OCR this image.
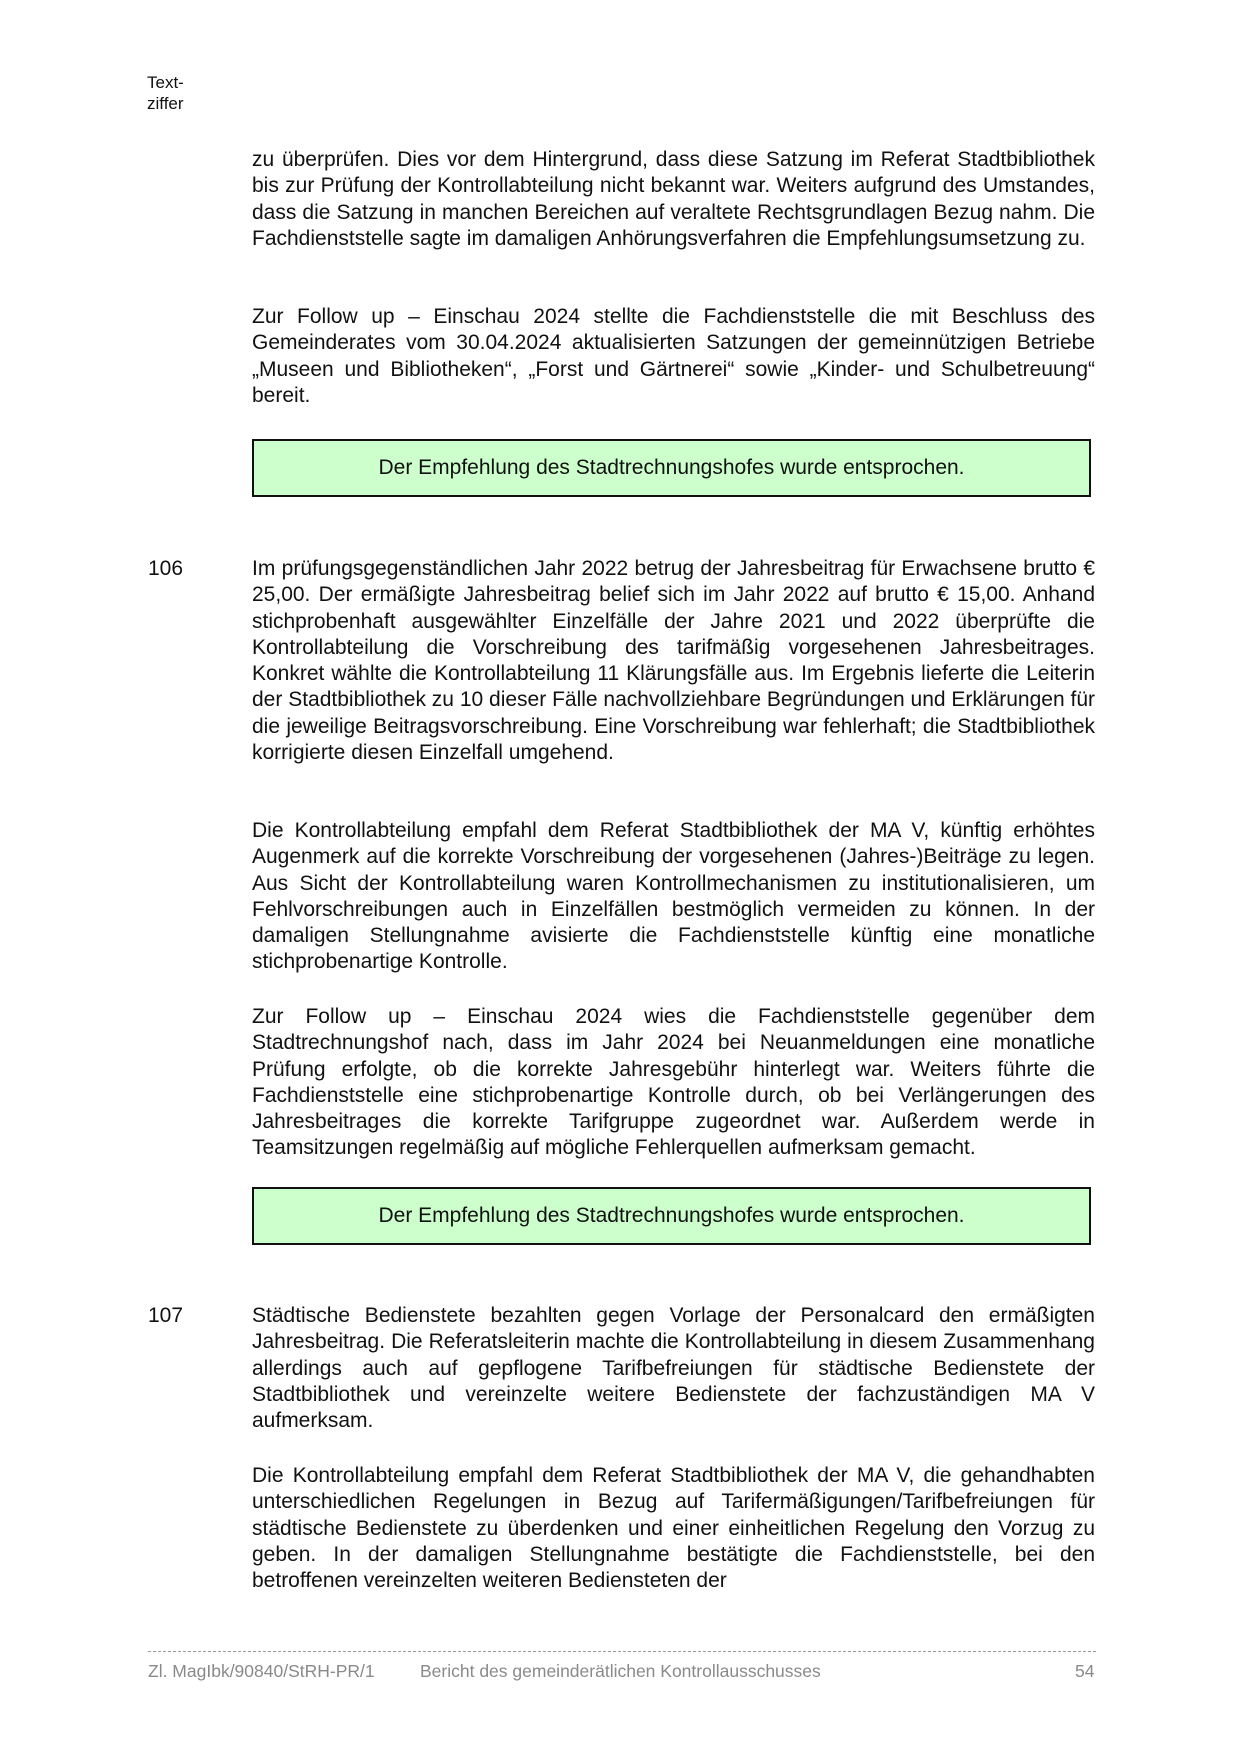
Text-
ziffer
zu überprüfen. Dies vor dem Hintergrund, dass diese Satzung im Referat Stadtbibliothek bis zur Prüfung der Kontrollabteilung nicht bekannt war. Weiters aufgrund des Umstandes, dass die Satzung in manchen Bereichen auf veraltete Rechtsgrundlagen Bezug nahm. Die Fachdienststelle sagte im damaligen Anhörungsverfahren die Empfehlungsumsetzung zu.
Zur Follow up – Einschau 2024 stellte die Fachdienststelle die mit Beschluss des Gemeinderates vom 30.04.2024 aktualisierten Satzungen der gemeinnützigen Betriebe „Museen und Bibliotheken“, „Forst und Gärtnerei“ sowie „Kinder- und Schulbetreuung“ bereit.
Der Empfehlung des Stadtrechnungshofes wurde entsprochen.
106	Im prüfungsgegenständlichen Jahr 2022 betrug der Jahresbeitrag für Erwachsene brutto € 25,00. Der ermäßigte Jahresbeitrag belief sich im Jahr 2022 auf brutto € 15,00. Anhand stichprobenhaft ausgewählter Einzelfälle der Jahre 2021 und 2022 überprüfte die Kontrollabteilung die Vorschreibung des tarifmäßig vorgesehenen Jahresbeitrages. Konkret wählte die Kontrollabteilung 11 Klärungsfälle aus. Im Ergebnis lieferte die Leiterin der Stadtbibliothek zu 10 dieser Fälle nachvollziehbare Begründungen und Erklärungen für die jeweilige Beitragsvorschreibung. Eine Vorschreibung war fehlerhaft; die Stadtbibliothek korrigierte diesen Einzelfall umgehend.
Die Kontrollabteilung empfahl dem Referat Stadtbibliothek der MA V, künftig erhöhtes Augenmerk auf die korrekte Vorschreibung der vorgesehenen (Jahres-)Beiträge zu legen. Aus Sicht der Kontrollabteilung waren Kontrollmechanismen zu institutionalisieren, um Fehlvorschreibungen auch in Einzelfällen bestmöglich vermeiden zu können. In der damaligen Stellungnahme avisierte die Fachdienststelle künftig eine monatliche stichprobenartige Kontrolle.
Zur Follow up – Einschau 2024 wies die Fachdienststelle gegenüber dem Stadtrechnungshof nach, dass im Jahr 2024 bei Neuanmeldungen eine monatliche Prüfung erfolgte, ob die korrekte Jahresgebühr hinterlegt war. Weiters führte die Fachdienststelle eine stichprobenartige Kontrolle durch, ob bei Verlängerungen des Jahresbeitrages die korrekte Tarifgruppe zugeordnet war. Außerdem werde in Teamsitzungen regelmäßig auf mögliche Fehlerquellen aufmerksam gemacht.
Der Empfehlung des Stadtrechnungshofes wurde entsprochen.
107	Städtische Bedienstete bezahlten gegen Vorlage der Personalcard den ermäßigten Jahresbeitrag. Die Referatsleiterin machte die Kontrollabteilung in diesem Zusammenhang allerdings auch auf gepflogene Tarifbefreiungen für städtische Bedienstete der Stadtbibliothek und vereinzelte weitere Bedienstete der fachzuständigen MA V aufmerksam.
Die Kontrollabteilung empfahl dem Referat Stadtbibliothek der MA V, die gehandhabten unterschiedlichen Regelungen in Bezug auf Tarifermäßigungen/Tarifbefreiungen für städtische Bedienstete zu überdenken und einer einheitlichen Regelung den Vorzug zu geben. In der damaligen Stellungnahme bestätigte die Fachdienststelle, bei den betroffenen vereinzelten weiteren Bediensteten der
Zl. MagIbk/90840/StRH-PR/1	Bericht des gemeinderätlichen Kontrollausschusses	54
